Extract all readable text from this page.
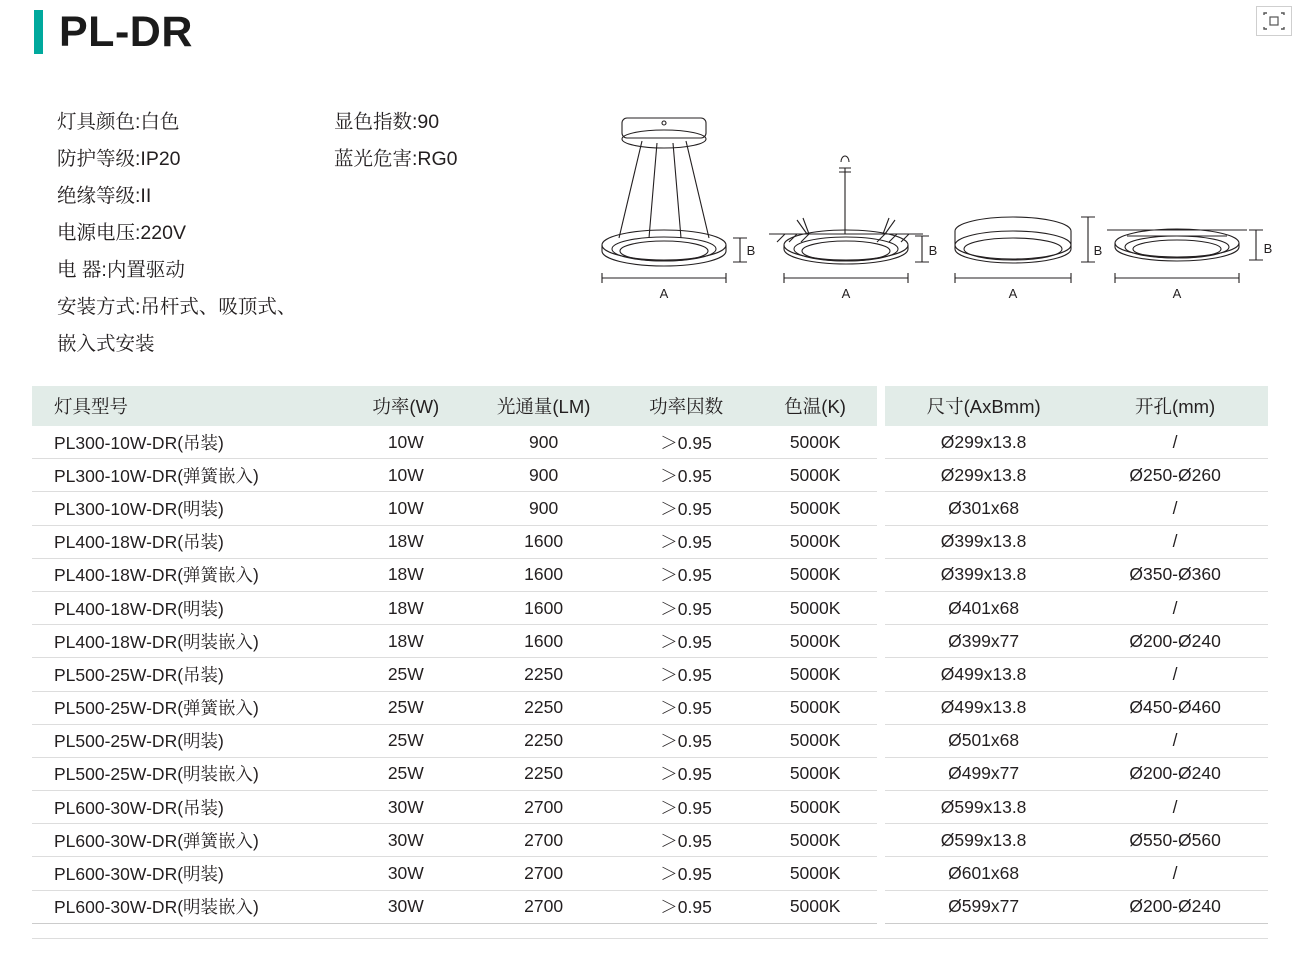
PL-DR
灯具颜色:白色	显色指数:90
防护等级:IP20	蓝光危害:RG0
绝缘等级:II
电源电压:220V
电 器:内置驱动
安装方式:吊杆式、吸顶式、
嵌入式安装
A
B
A
B
A
B
A
B
灯具型号	功率(W)	光通量(LM)	功率因数	色温(K)
PL300-10W-DR(吊装)	10W	900	＞0.95	5000K
PL300-10W-DR(弹簧嵌入)	10W	900	＞0.95	5000K
PL300-10W-DR(明装)	10W	900	＞0.95	5000K
PL400-18W-DR(吊装)	18W	1600	＞0.95	5000K
PL400-18W-DR(弹簧嵌入)	18W	1600	＞0.95	5000K
PL400-18W-DR(明装)	18W	1600	＞0.95	5000K
PL400-18W-DR(明装嵌入)	18W	1600	＞0.95	5000K
PL500-25W-DR(吊装)	25W	2250	＞0.95	5000K
PL500-25W-DR(弹簧嵌入)	25W	2250	＞0.95	5000K
PL500-25W-DR(明装)	25W	2250	＞0.95	5000K
PL500-25W-DR(明装嵌入)	25W	2250	＞0.95	5000K
PL600-30W-DR(吊装)	30W	2700	＞0.95	5000K
PL600-30W-DR(弹簧嵌入)	30W	2700	＞0.95	5000K
PL600-30W-DR(明装)	30W	2700	＞0.95	5000K
PL600-30W-DR(明装嵌入)	30W	2700	＞0.95	5000K
尺寸(AxBmm)	开孔(mm)
Ø299x13.8	/
Ø299x13.8	Ø250-Ø260
Ø301x68	/
Ø399x13.8	/
Ø399x13.8	Ø350-Ø360
Ø401x68	/
Ø399x77	Ø200-Ø240
Ø499x13.8	/
Ø499x13.8	Ø450-Ø460
Ø501x68	/
Ø499x77	Ø200-Ø240
Ø599x13.8	/
Ø599x13.8	Ø550-Ø560
Ø601x68	/
Ø599x77	Ø200-Ø240
